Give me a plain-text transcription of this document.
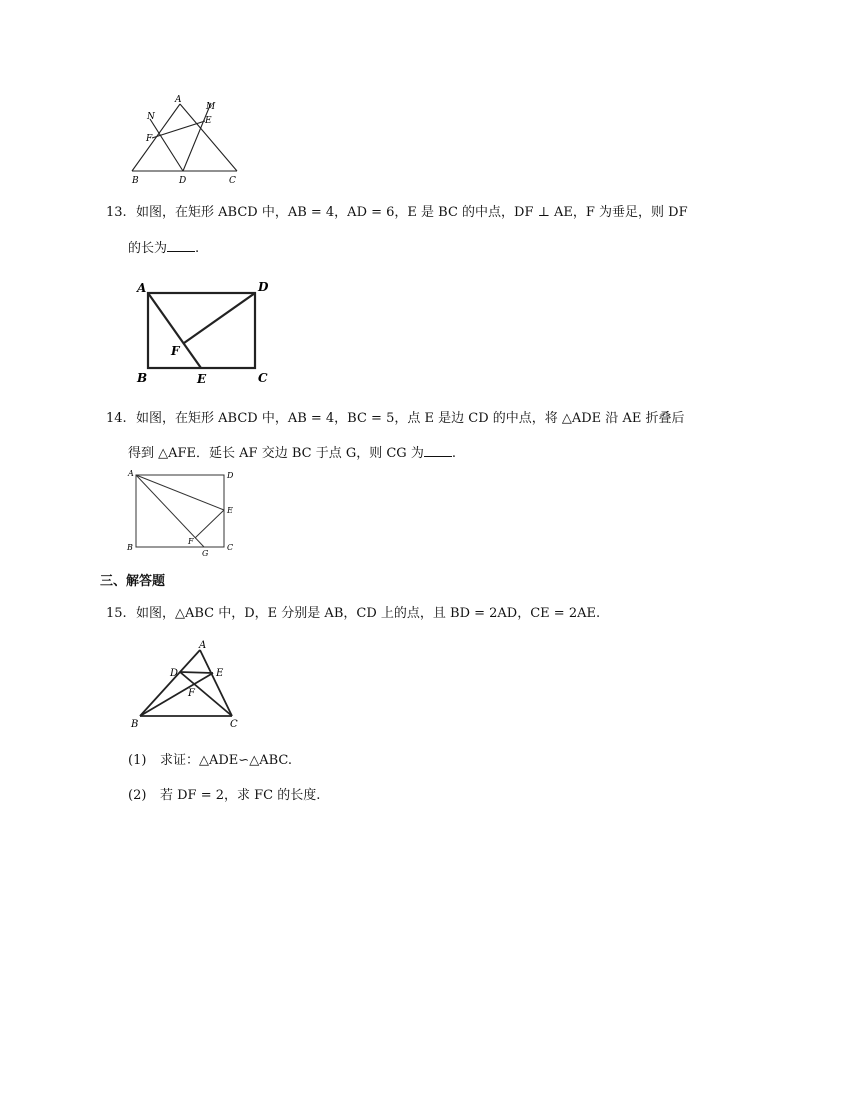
A
M
N	E
F
B	D	C
13. 如图，在矩形 ABCD 中，AB = 4，AD = 6，E 是 BC 的中点，DF ⊥ AE，F 为垂足，则 DF
的长为 .
A	D
F
B	E	C
14. 如图，在矩形 ABCD 中，AB = 4，BC = 5，点 E 是边 CD 的中点，将 △ADE 沿 AE 折叠后
得到 △AFE．延长 AF 交边 BC 于点 G，则 CG 为 .
A	D
E
F
B
G
C
三、解答题
15. 如图，△ABC 中，D，E 分别是 AB，CD 上的点，且 BD = 2AD，CE = 2AE.
A
D	E
F
B	C
(1) 求证：△ADE∽△ABC.
(2) 若 DF = 2，求 FC 的长度.
